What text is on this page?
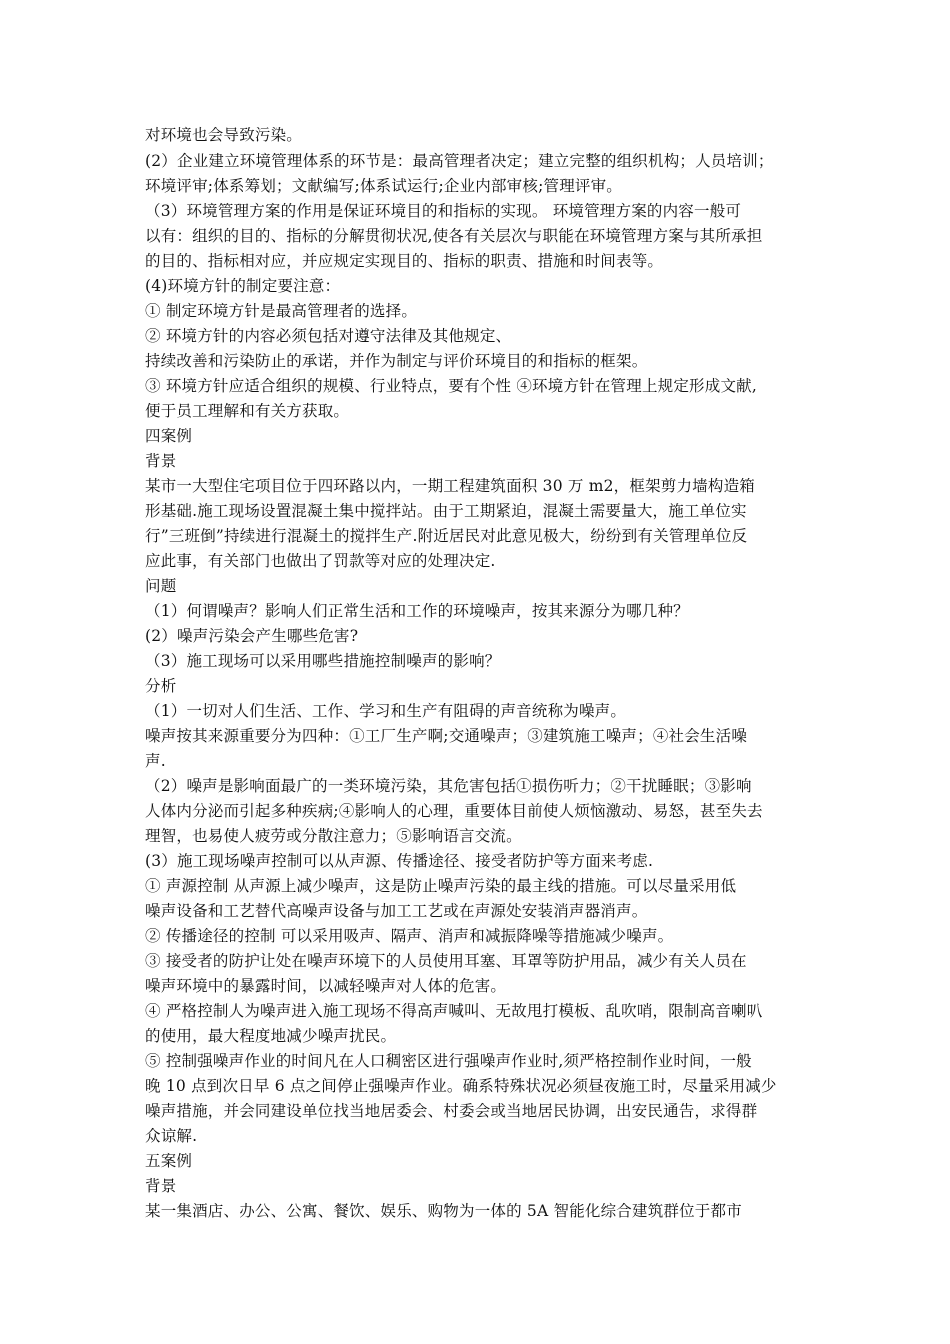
对环境也会导致污染。
(2）企业建立环境管理体系的环节是：最高管理者决定；建立完整的组织机构；人员培训；
环境评审;体系筹划；文献编写;体系试运行;企业内部审核;管理评审。
（3）环境管理方案的作用是保证环境目的和指标的实现。 环境管理方案的内容一般可
以有：组织的目的、指标的分解贯彻状况,使各有关层次与职能在环境管理方案与其所承担
的目的、指标相对应，并应规定实现目的、指标的职责、措施和时间表等。
(4)环境方针的制定要注意：
① 制定环境方针是最高管理者的选择。
② 环境方针的内容必须包括对遵守法律及其他规定、
持续改善和污染防止的承诺，并作为制定与评价环境目的和指标的框架。
③ 环境方针应适合组织的规模、行业特点，要有个性 ④环境方针在管理上规定形成文献,
便于员工理解和有关方获取。
四案例
背景
某市一大型住宅项目位于四环路以内，一期工程建筑面积 30 万 m2，框架剪力墙构造箱
形基础.施工现场设置混凝土集中搅拌站。由于工期紧迫，混凝土需要量大，施工单位实
行”三班倒”持续进行混凝土的搅拌生产.附近居民对此意见极大，纷纷到有关管理单位反
应此事，有关部门也做出了罚款等对应的处理决定.
问题
（1）何谓噪声？影响人们正常生活和工作的环境噪声，按其来源分为哪几种？
(2）噪声污染会产生哪些危害?
（3）施工现场可以采用哪些措施控制噪声的影响？
分析
（1）一切对人们生活、工作、学习和生产有阻碍的声音统称为噪声。
噪声按其来源重要分为四种：①工厂生产啊;交通噪声；③建筑施工噪声；④社会生活噪
声.
（2）噪声是影响面最广的一类环境污染，其危害包括①损伤听力；②干扰睡眠；③影响
人体内分泌而引起多种疾病;④影响人的心理，重要体目前使人烦恼激动、易怒，甚至失去
理智，也易使人疲劳或分散注意力；⑤影响语言交流。
(3）施工现场噪声控制可以从声源、传播途径、接受者防护等方面来考虑.
① 声源控制 从声源上减少噪声，这是防止噪声污染的最主线的措施。可以尽量采用低
噪声设备和工艺替代高噪声设备与加工工艺或在声源处安装消声器消声。
② 传播途径的控制 可以采用吸声、隔声、消声和减振降噪等措施减少噪声。
③ 接受者的防护让处在噪声环境下的人员使用耳塞、耳罩等防护用品，减少有关人员在
噪声环境中的暴露时间，以减轻噪声对人体的危害。
④ 严格控制人为噪声进入施工现场不得高声喊叫、无故甩打模板、乱吹哨，限制高音喇叭
的使用，最大程度地减少噪声扰民。
⑤ 控制强噪声作业的时间凡在人口稠密区进行强噪声作业时,须严格控制作业时间，一般
晚 10 点到次日早 6 点之间停止强噪声作业。确系特殊状况必须昼夜施工时，尽量采用减少
噪声措施，并会同建设单位找当地居委会、村委会或当地居民协调，出安民通告，求得群
众谅解.
五案例
背景
某一集酒店、办公、公寓、餐饮、娱乐、购物为一体的 5A 智能化综合建筑群位于都市
